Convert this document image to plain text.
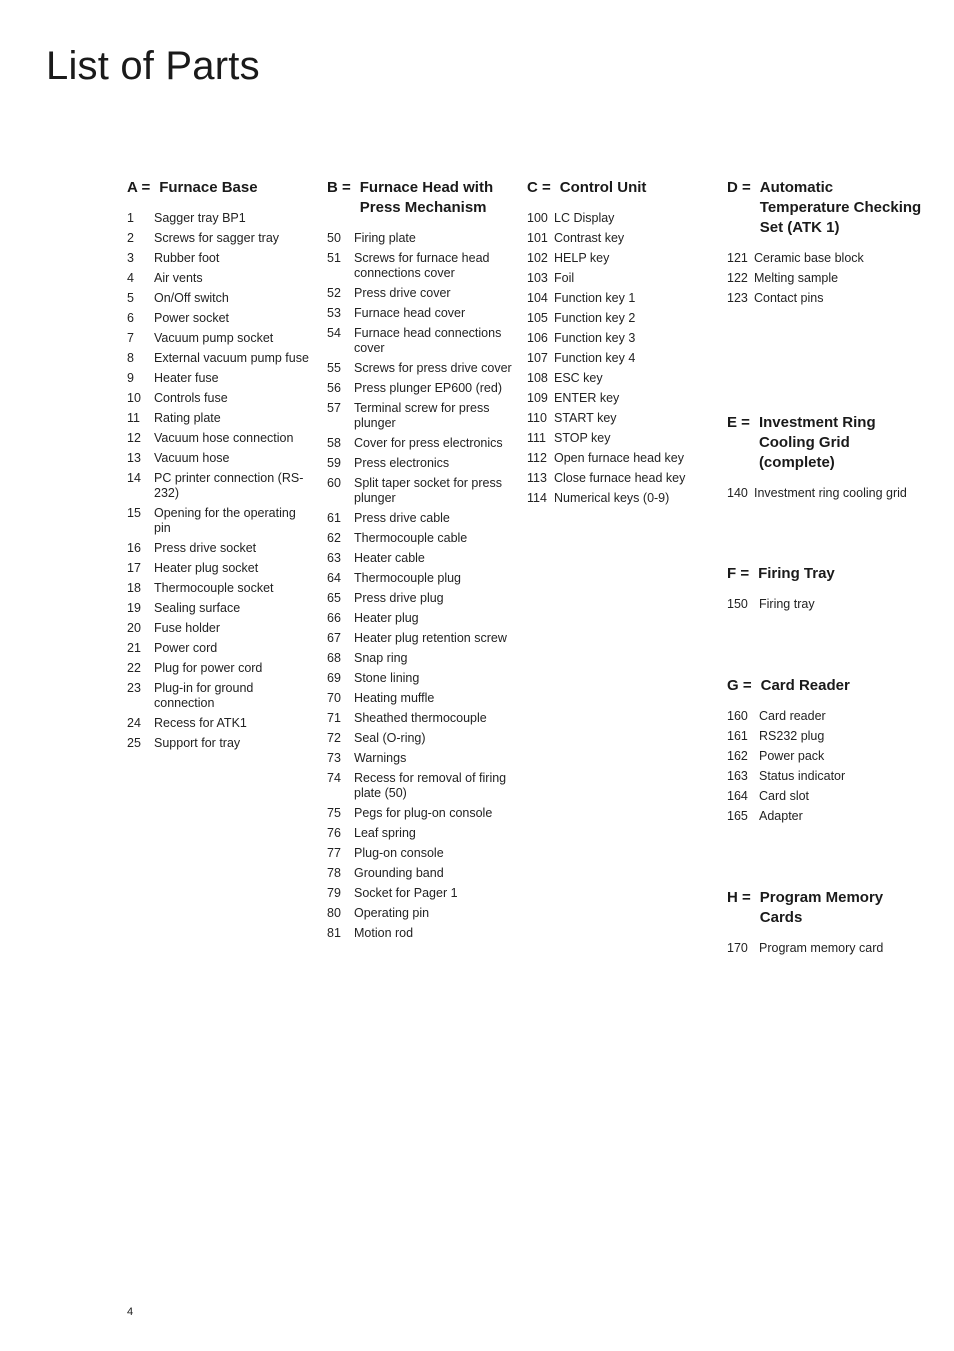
List of Parts
A = Furnace Base
1	Sagger tray BP1
2	Screws for sagger tray
3	Rubber foot
4	Air vents
5	On/Off switch
6	Power socket
7	Vacuum pump socket
8	External vacuum pump fuse
9	Heater fuse
10	Controls fuse
11	Rating plate
12	Vacuum hose connection
13	Vacuum hose
14	PC printer connection (RS-232)
15	Opening for the operating pin
16	Press drive socket
17	Heater plug socket
18	Thermocouple socket
19	Sealing surface
20	Fuse holder
21	Power cord
22	Plug for power cord
23	Plug-in for ground connection
24	Recess for ATK1
25	Support for tray
B = Furnace Head with Press Mechanism
50	Firing plate
51	Screws for furnace head connections cover
52	Press drive cover
53	Furnace head cover
54	Furnace head connections cover
55	Screws for press drive cover
56	Press plunger EP600 (red)
57	Terminal screw for press plunger
58	Cover for press electronics
59	Press electronics
60	Split taper socket for press plunger
61	Press drive cable
62	Thermocouple cable
63	Heater cable
64	Thermocouple plug
65	Press drive plug
66	Heater plug
67	Heater plug retention screw
68	Snap ring
69	Stone lining
70	Heating muffle
71	Sheathed thermocouple
72	Seal (O-ring)
73	Warnings
74	Recess for removal of firing plate (50)
75	Pegs for plug-on console
76	Leaf spring
77	Plug-on console
78	Grounding band
79	Socket for Pager 1
80	Operating pin
81	Motion rod
C = Control Unit
100 LC Display
101 Contrast key
102 HELP key
103 Foil
104 Function key 1
105 Function key 2
106 Function key 3
107 Function key 4
108 ESC key
109 ENTER key
110 START key
111 STOP key
112 Open furnace head key
113 Close furnace head key
114 Numerical keys (0-9)
D = Automatic Temperature Checking Set (ATK 1)
121 Ceramic base block
122 Melting sample
123 Contact pins
E = Investment Ring Cooling Grid (complete)
140 Investment ring cooling grid
F = Firing Tray
150 Firing tray
G = Card Reader
160 Card reader
161 RS232 plug
162 Power pack
163 Status indicator
164 Card slot
165 Adapter
H = Program Memory Cards
170 Program memory card
4
